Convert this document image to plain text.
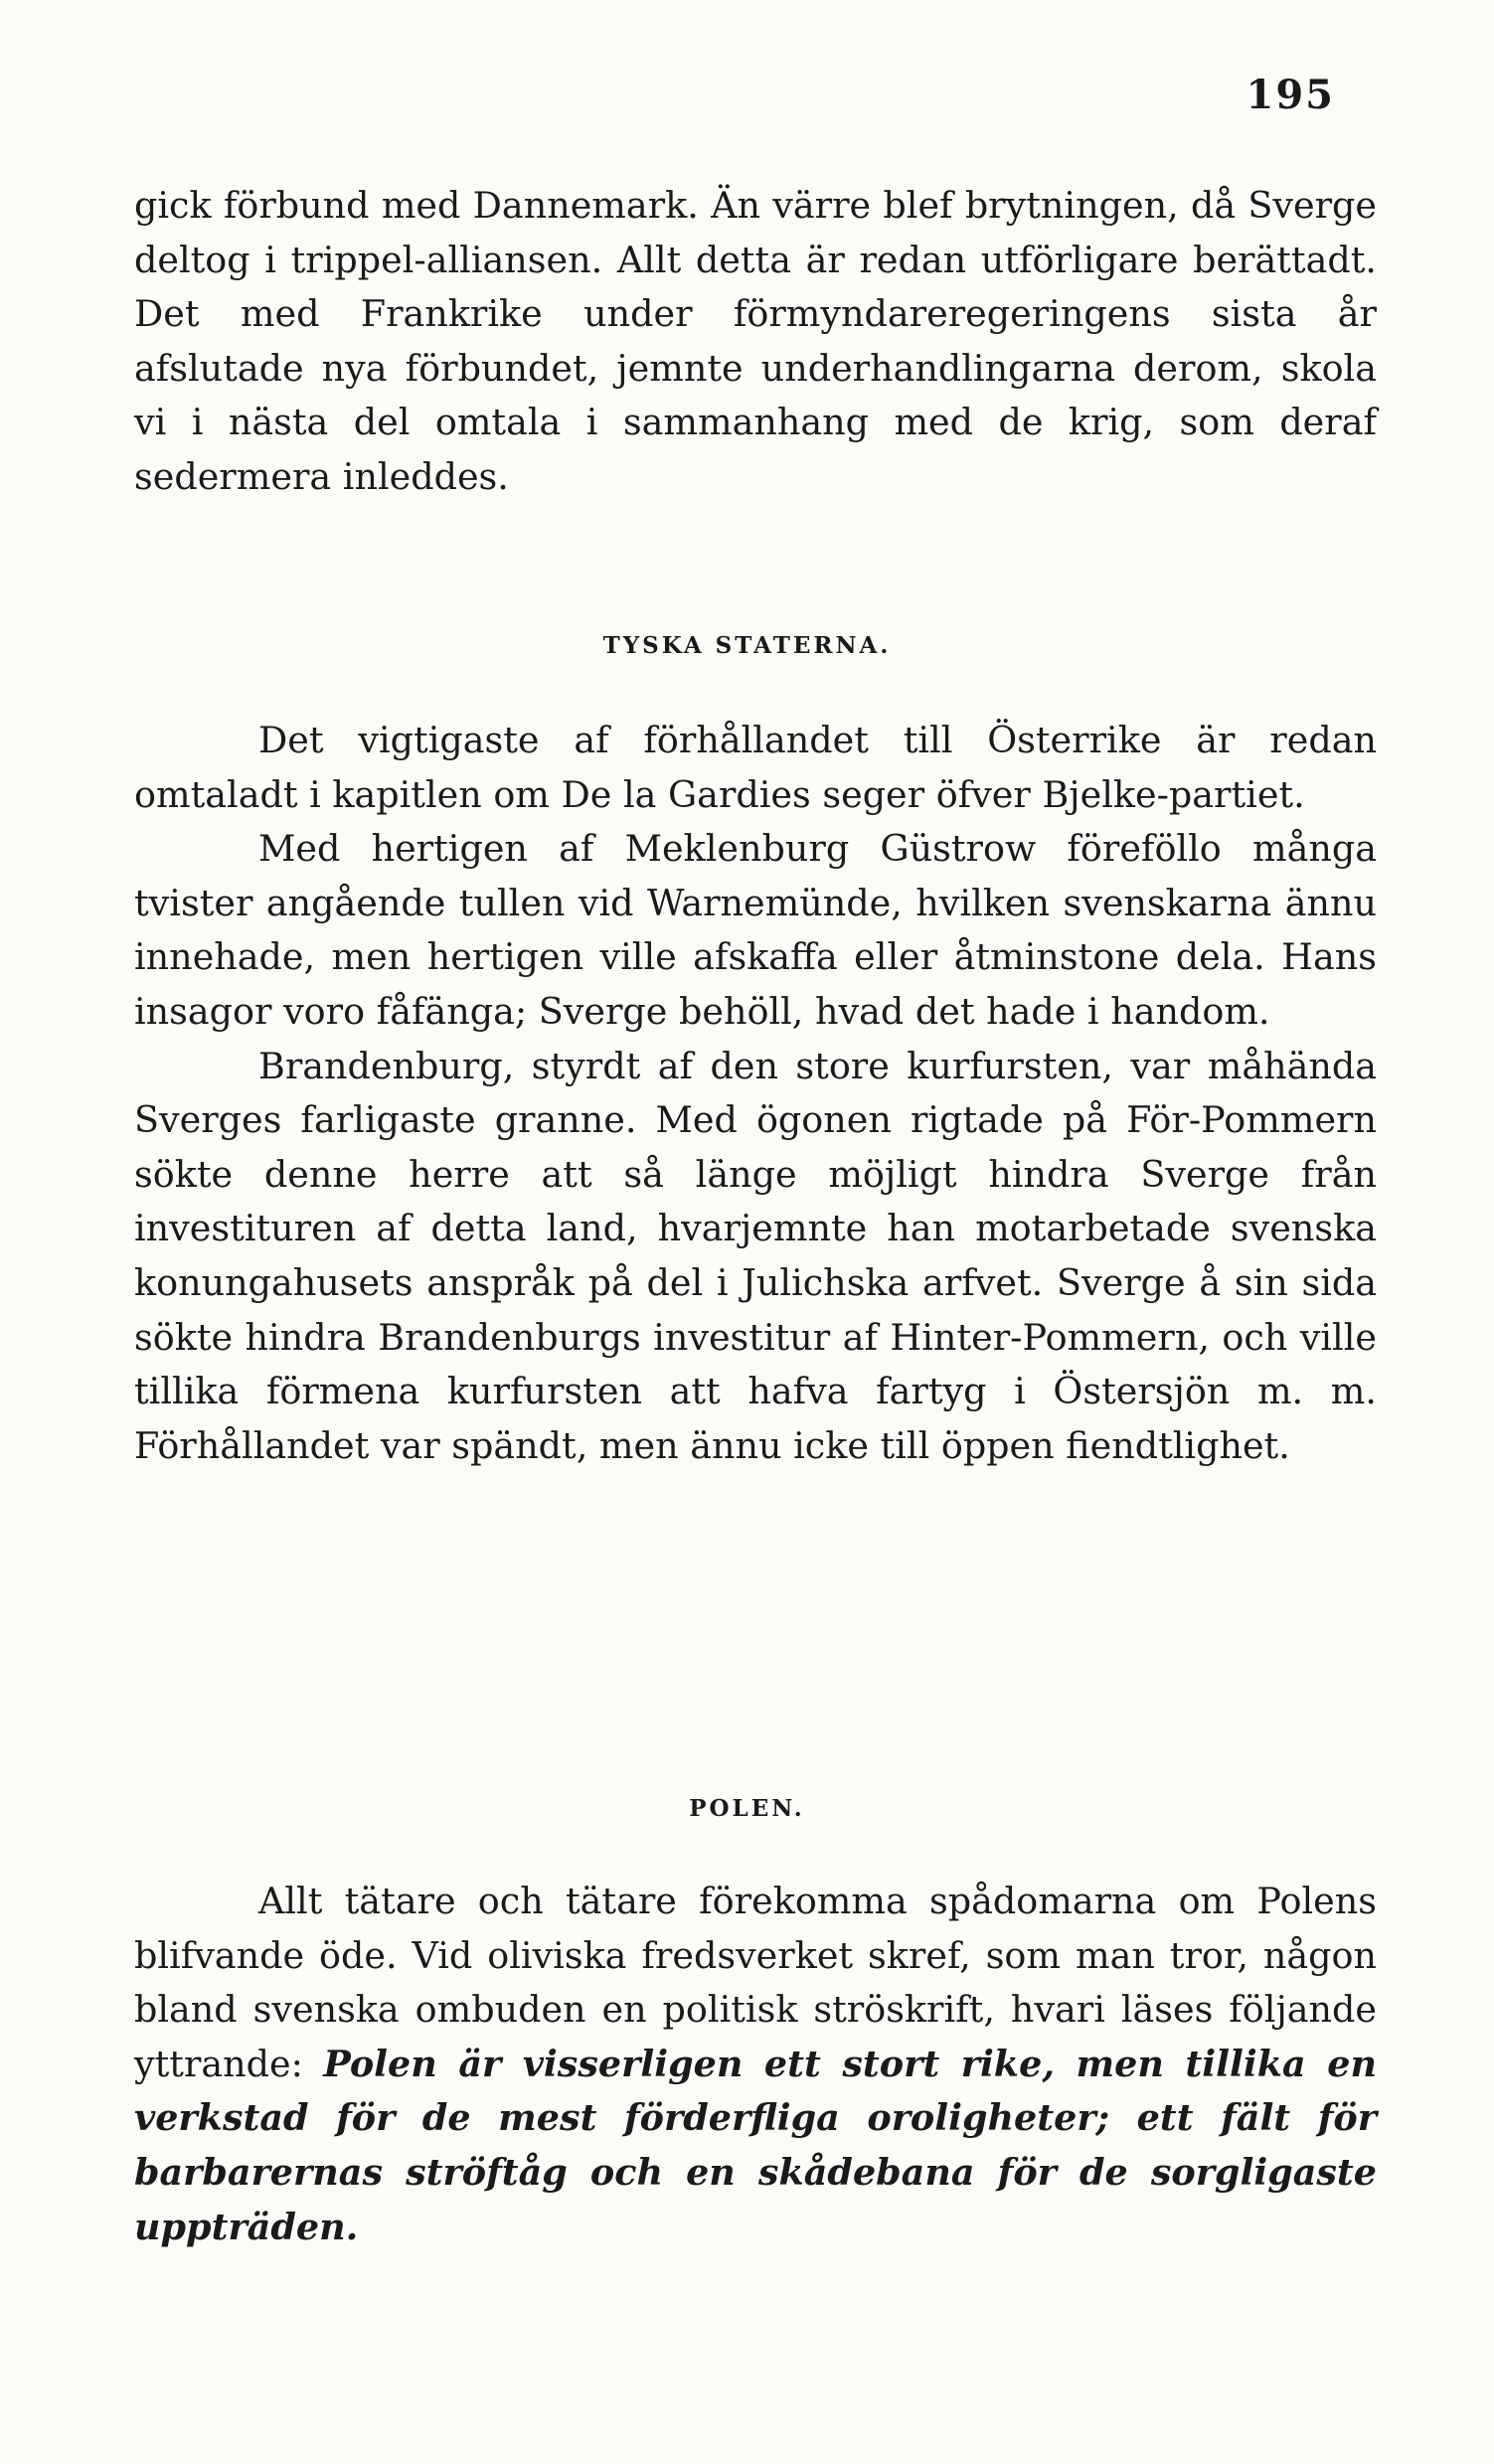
195

gick förbund med Dannemark. Än värre blef brytningen, då Sverge deltog i trippel-alliansen. Allt detta är redan utförligare berättadt. Det med Frankrike under förmyndareregeringens sista år afslutade nya förbundet, jemnte underhandlingarna derom, skola vi i nästa del omtala i sammanhang med de krig, som deraf sedermera inleddes.

TYSKA STATERNA.

Det vigtigaste af förhållandet till Österrike är redan omtaladt i kapitlen om De la Gardies seger öfver Bjelke-partiet.

Med hertigen af Meklenburg Güstrow föreföllo många tvister angående tullen vid Warnemünde, hvilken svenskarna ännu innehade, men hertigen ville afskaffa eller åtminstone dela. Hans insagor voro fåfänga; Sverge behöll, hvad det hade i handom.

Brandenburg, styrdt af den store kurfursten, var måhända Sverges farligaste granne. Med ögonen rigtade på För-Pommern sökte denne herre att så länge möjligt hindra Sverge från investituren af detta land, hvarjemnte han motarbetade svenska konungahusets anspråk på del i Julichska arfvet. Sverge å sin sida sökte hindra Brandenburgs investitur af Hinter-Pommern, och ville tillika förmena kurfursten att hafva fartyg i Östersjön m. m. Förhållandet var spändt, men ännu icke till öppen fiendtlighet.

POLEN.

Allt tätare och tätare förekomma spådomarna om Polens blifvande öde. Vid oliviska fredsverket skref, som man tror, någon bland svenska ombuden en politisk ströskrift, hvari läses följande yttrande: Polen är visserligen ett stort rike, men tillika en verkstad för de mest förderfliga oroligheter; ett fält för barbarernas ströftåg och en skådebana för de sorgligaste uppträden.
